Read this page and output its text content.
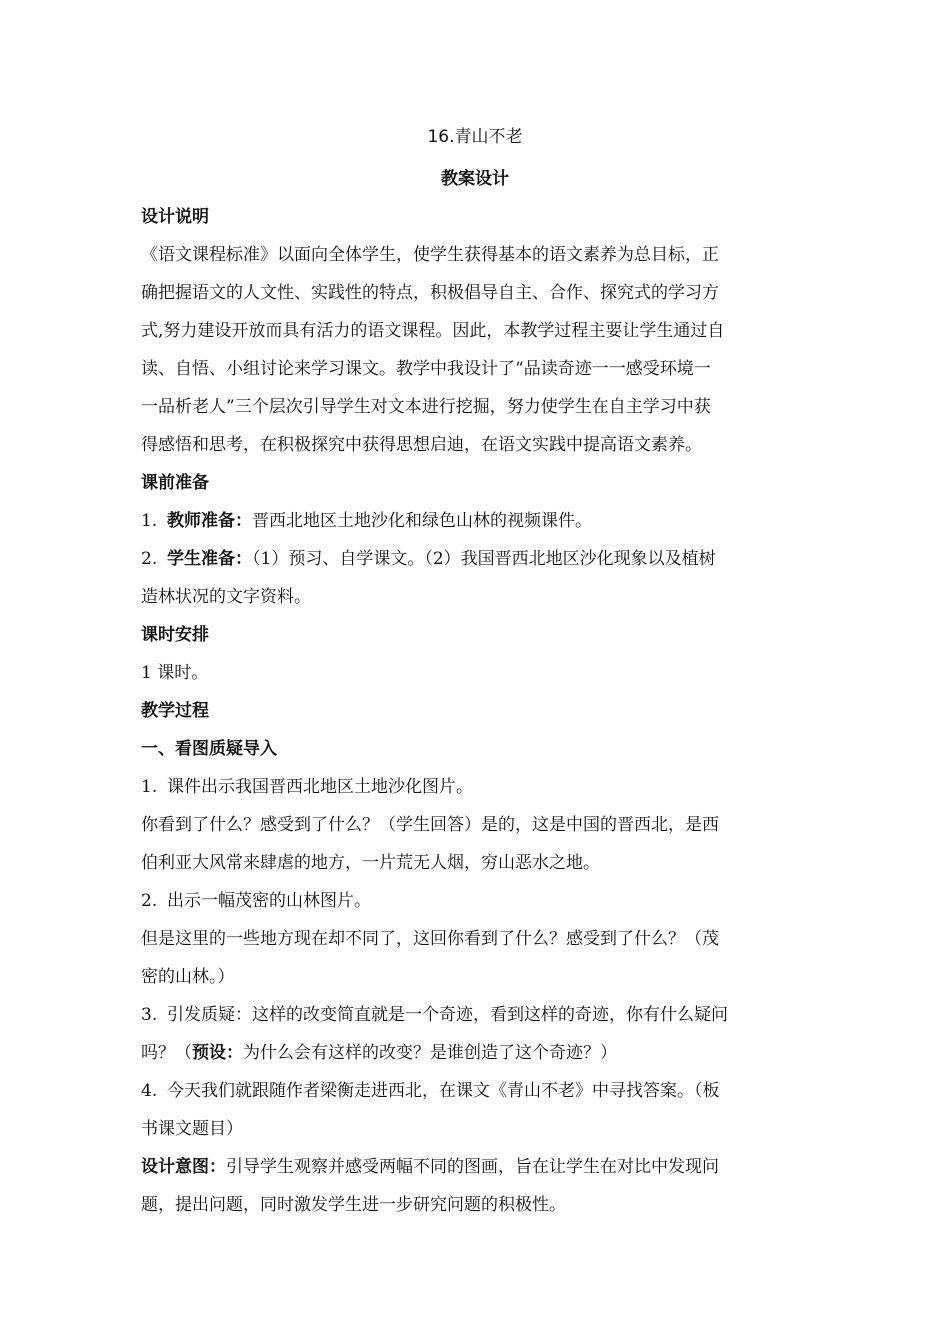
16.青山不老
教案设计
设计说明
《语文课程标准》以面向全体学生，使学生获得基本的语文素养为总目标，正
确把握语文的人文性、实践性的特点，积极倡导自主、合作、探究式的学习方
式,努力建设开放而具有活力的语文课程。因此，本教学过程主要让学生通过自
读、自悟、小组讨论来学习课文。教学中我设计了“品读奇迹一一感受环境一
一品析老人”三个层次引导学生对文本进行挖掘，努力使学生在自主学习中获
得感悟和思考，在积极探究中获得思想启迪，在语文实践中提高语文素养。
课前准备
1. 教师准备：晋西北地区土地沙化和绿色山林的视频课件。
2. 学生准备：（1）预习、自学课文。（2）我国晋西北地区沙化现象以及植树
造林状况的文字资料。
课时安排
1 课时。
教学过程
一、看图质疑导入
1. 课件出示我国晋西北地区土地沙化图片。
你看到了什么？感受到了什么？（学生回答）是的，这是中国的晋西北，是西
伯利亚大风常来肆虐的地方，一片荒无人烟，穷山恶水之地。
2. 出示一幅茂密的山林图片。
但是这里的一些地方现在却不同了，这回你看到了什么？感受到了什么？（茂
密的山林。）
3. 引发质疑：这样的改变简直就是一个奇迹，看到这样的奇迹，你有什么疑问
吗？（预设：为什么会有这样的改变？是谁创造了这个奇迹？）
4. 今天我们就跟随作者梁衡走进西北，在课文《青山不老》中寻找答案。（板
书课文题目）
设计意图：引导学生观察并感受两幅不同的图画，旨在让学生在对比中发现问
题，提出问题，同时激发学生进一步研究问题的积极性。
